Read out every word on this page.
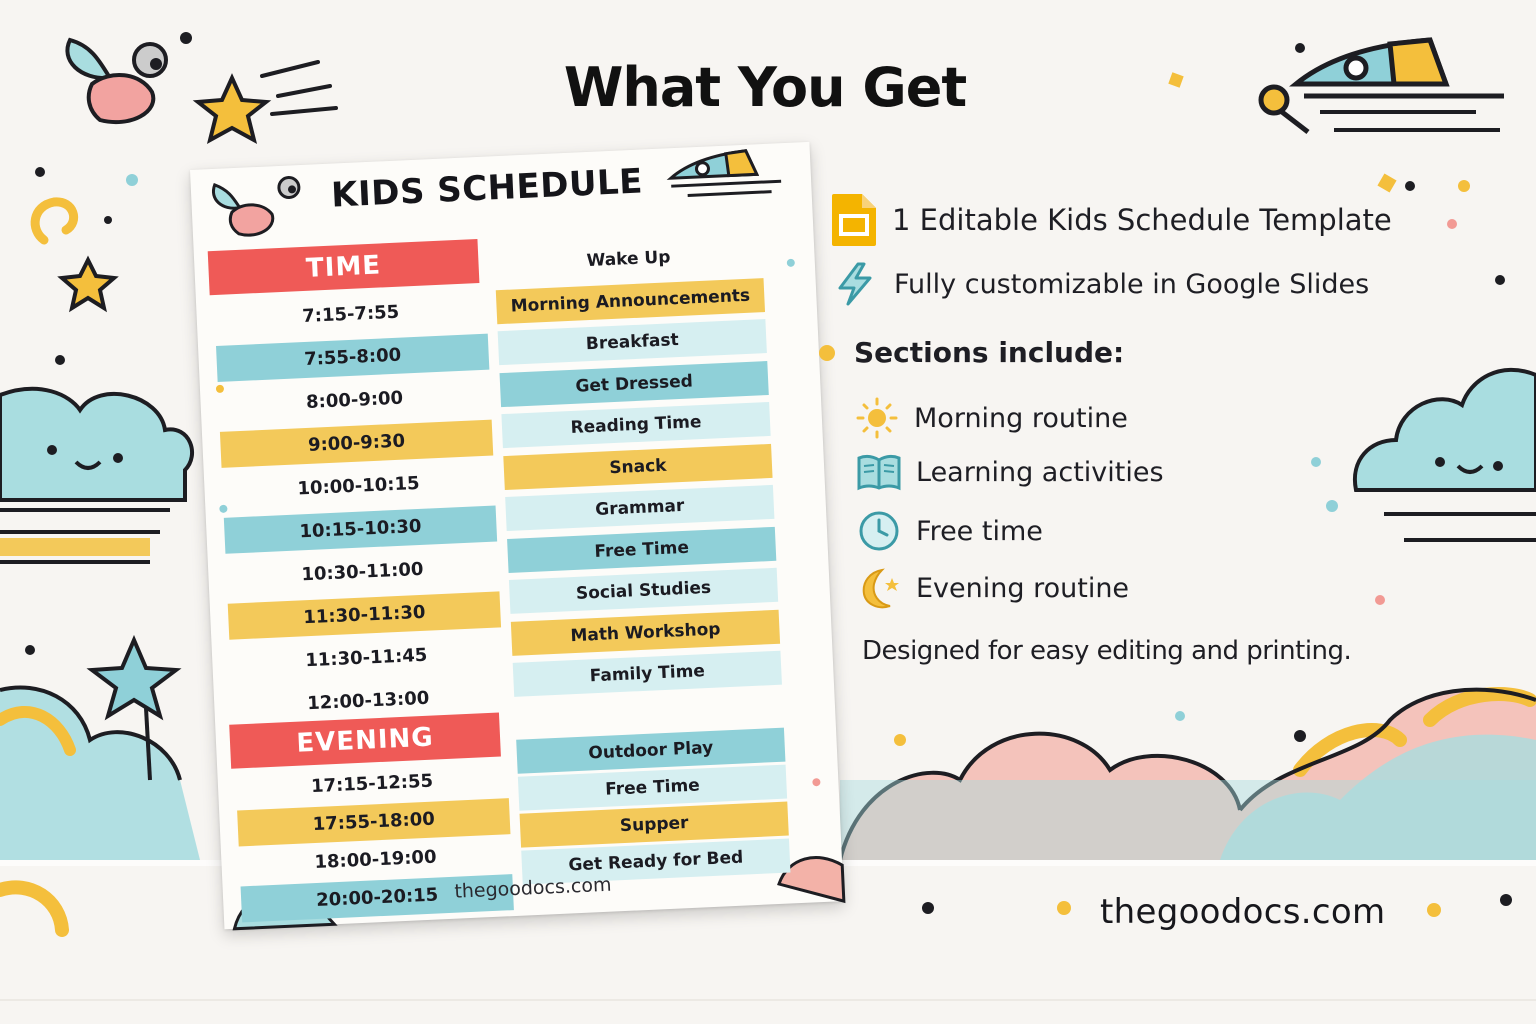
What You Get
KIDS SCHEDULE
TIME
7:15-7:55
7:55-8:00
8:00-9:00
9:00-9:30
10:00-10:15
10:15-10:30
10:30-11:00
11:30-11:30
11:30-11:45
12:00-13:00
Wake Up
Morning Announcements
Breakfast
Get Dressed
Reading Time
Snack
Grammar
Free Time
Social Studies
Math Workshop
Family Time
EVENING
17:15-12:55
17:55-18:00
18:00-19:00
20:00-20:15
Outdoor Play
Free Time
Supper
Get Ready for Bed
thegoodocs.com
1 Editable Kids Schedule Template
Fully customizable in Google Slides
Sections include:
Morning routine
Learning activities
Free time
Evening routine
Designed for easy editing and printing.
thegoodocs.com
